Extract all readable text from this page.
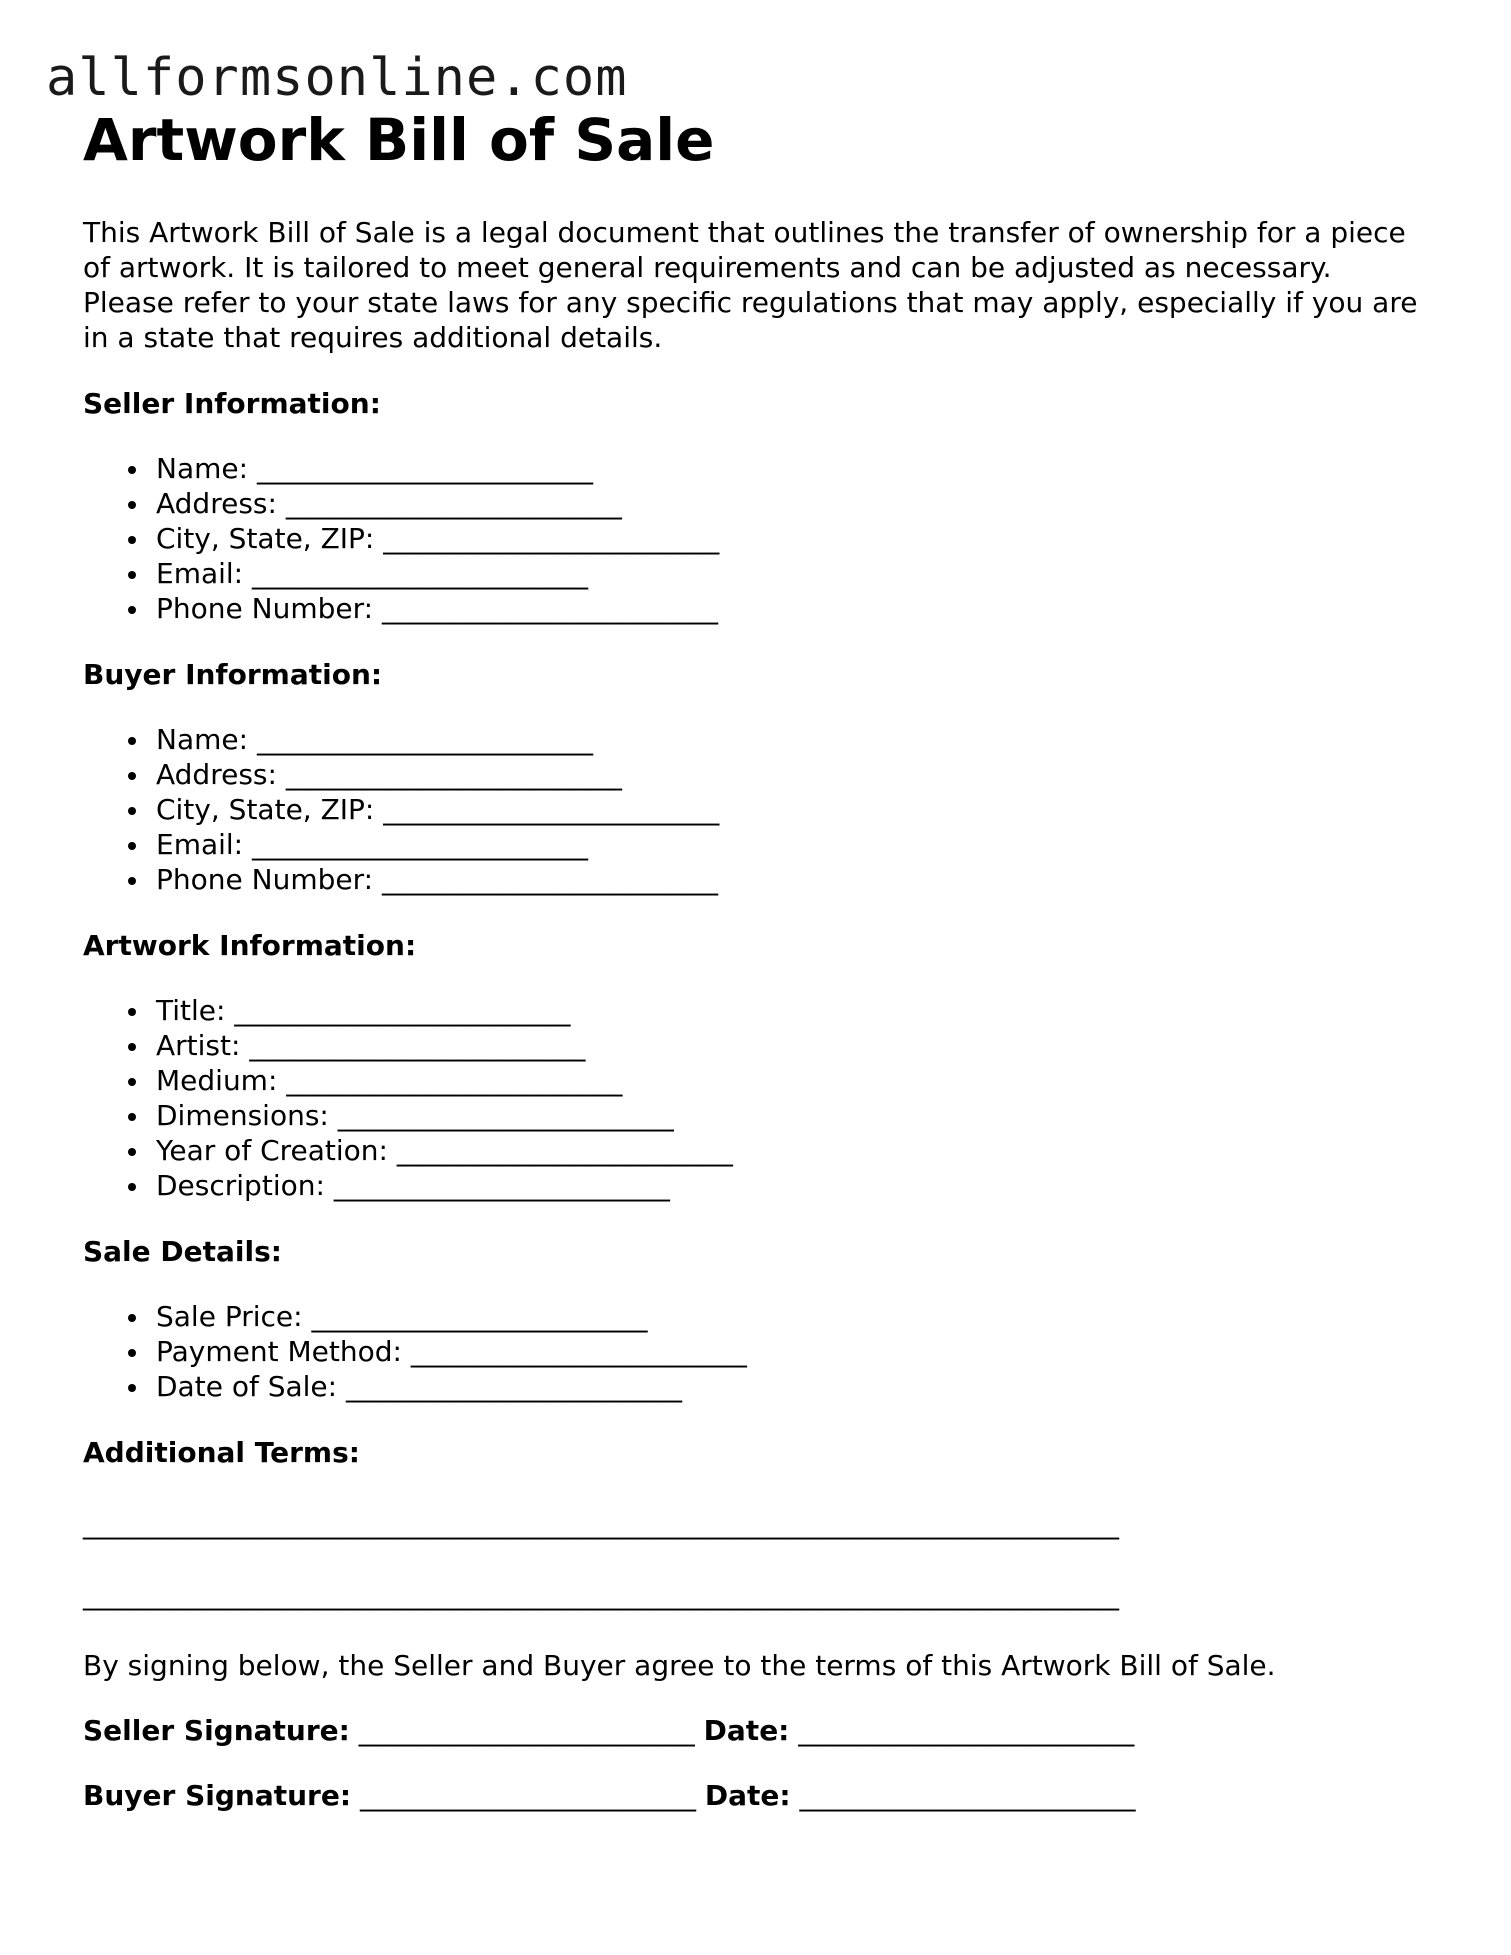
allformsonline.com
Artwork Bill of Sale

This Artwork Bill of Sale is a legal document that outlines the transfer of ownership for a piece of artwork. It is tailored to meet general requirements and can be adjusted as necessary. Please refer to your state laws for any specific regulations that may apply, especially if you are in a state that requires additional details.

Seller Information:
Name: ________________________
Address: ________________________
City, State, ZIP: ________________________
Email: ________________________
Phone Number: ________________________
Buyer Information:
Name: ________________________
Address: ________________________
City, State, ZIP: ________________________
Email: ________________________
Phone Number: ________________________
Artwork Information:
Title: ________________________
Artist: ________________________
Medium: ________________________
Dimensions: ________________________
Year of Creation: ________________________
Description: ________________________
Sale Details:
Sale Price: ________________________
Payment Method: ________________________
Date of Sale: ________________________
Additional Terms:
__________________________________________________________________________
__________________________________________________________________________
By signing below, the Seller and Buyer agree to the terms of this Artwork Bill of Sale.
Seller Signature: ________________________ Date: ________________________
Buyer Signature: ________________________ Date: ________________________
